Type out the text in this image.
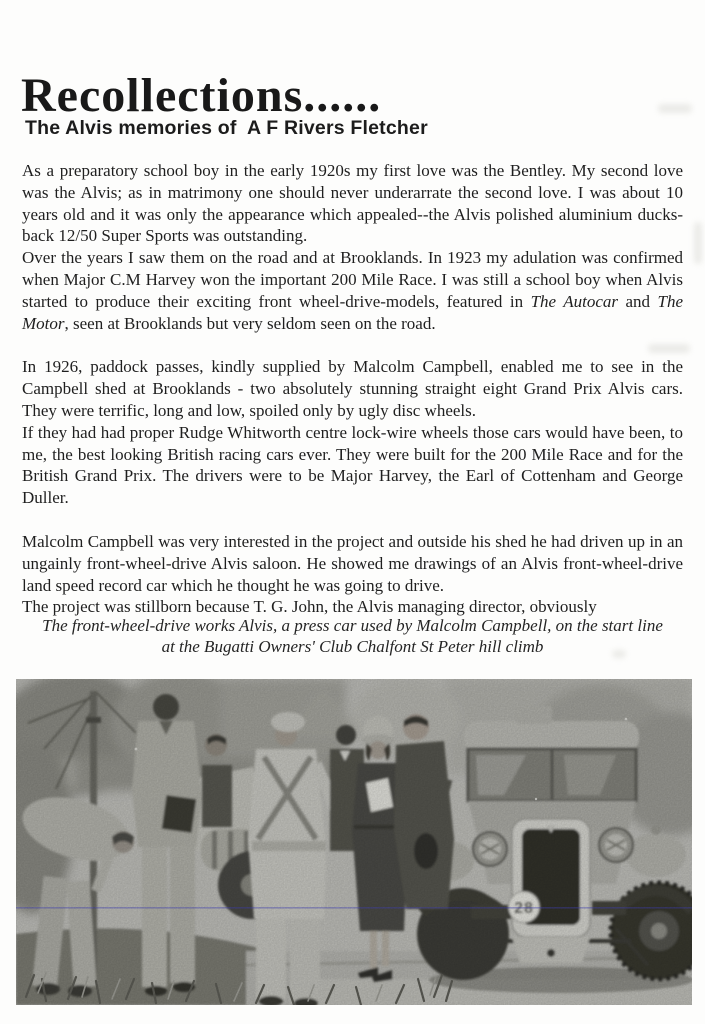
Recollections......
The Alvis memories of  A F Rivers Fletcher

As a preparatory school boy in the early 1920s my first love was the Bentley. My second love was the Alvis; as in matrimony one should never underarrate the second love. I was about 10 years old and it was only the appearance which appealed--the Alvis polished aluminium ducks-back 12/50 Super Sports was outstanding.

Over the years I saw them on the road and at Brooklands. In 1923 my adulation was confirmed when Major C.M Harvey won the important 200 Mile Race. I was still a school boy when Alvis started to produce their exciting front wheel-drive-models, featured in The Autocar and The Motor, seen at Brooklands but very seldom seen on the road.

In 1926, paddock passes, kindly supplied by Malcolm Campbell, enabled me to see in the Campbell shed at Brooklands - two absolutely stunning straight eight Grand Prix Alvis cars. They were terrific, long and low, spoiled only by ugly disc wheels.

If they had had proper Rudge Whitworth centre lock-wire wheels those cars would have been, to me, the best looking British racing cars ever. They were built for the 200 Mile Race and for the British Grand Prix. The drivers were to be Major Harvey, the Earl of Cottenham and George Duller.

Malcolm Campbell was very interested in the project and outside his shed he had driven up in an ungainly front-wheel-drive Alvis saloon. He showed me drawings of an Alvis front-wheel-drive land speed record car which he thought he was going to drive.

The project was stillborn because T. G. John, the Alvis managing director, obviously

The front-wheel-drive works Alvis, a press car used by Malcolm Campbell, on the start line
at the Bugatti Owners' Club Chalfont St Peter hill climb
28
